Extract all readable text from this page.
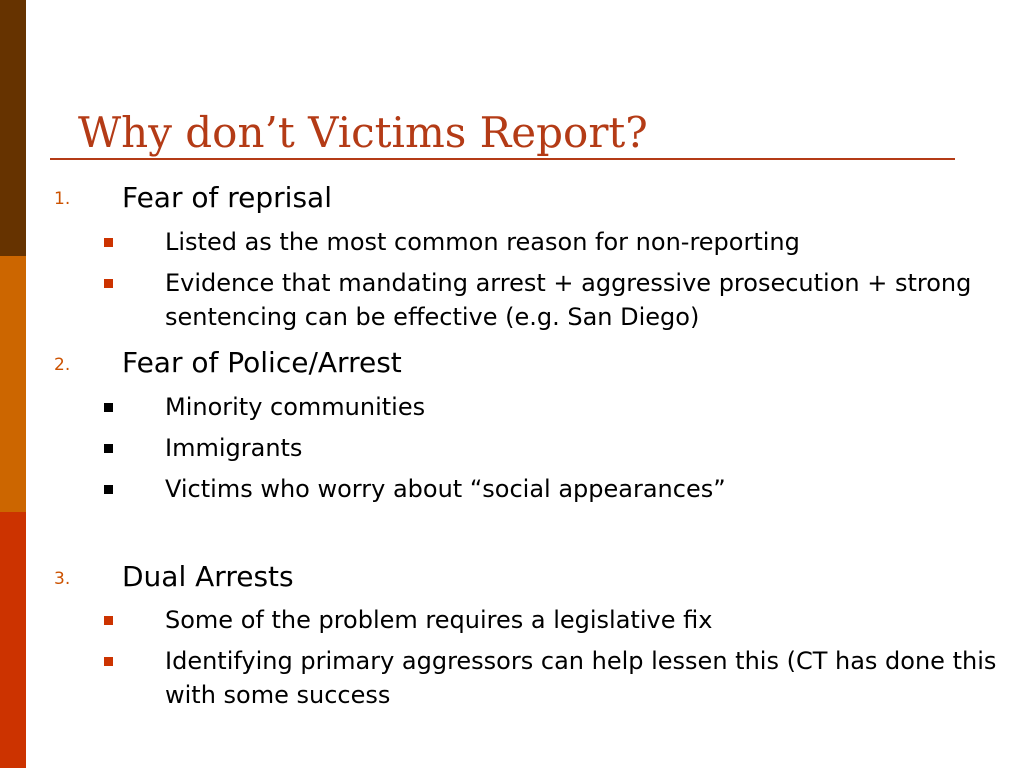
Why don’t Victims Report?
1. Fear of reprisal
Listed as the most common reason for non-reporting
Evidence that mandating arrest + aggressive prosecution + strong sentencing can be effective (e.g. San Diego)
2. Fear of Police/Arrest
Minority communities
Immigrants
Victims who worry about “social appearances”
3. Dual Arrests
Some of the problem requires a legislative fix
Identifying primary aggressors can help lessen this (CT has done this with some success
